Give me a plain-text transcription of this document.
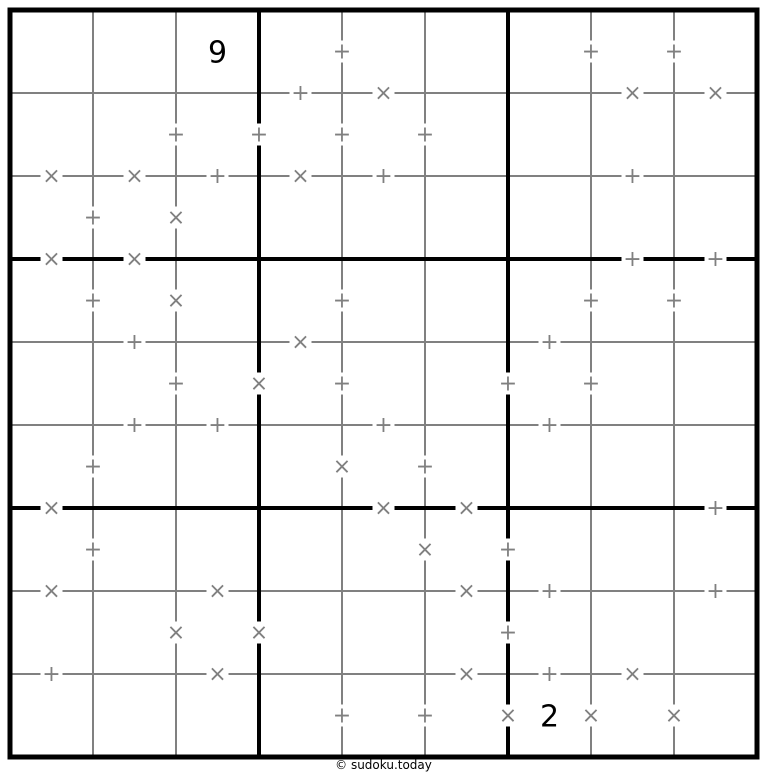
+	+	+
+	+	+	+
+	×
+	×	+	+	+
+	×	+	+	+
+	×	+
+	×	+
×	×	+
+	+	×	×	×
+	×	×	×
×	×	+	×	+	+
×	×	+	+
+	×	+
+	+	+	+
×	×	×	+
×	×	×	+	+
+	×	×	+	×
9
2
© sudoku.today
